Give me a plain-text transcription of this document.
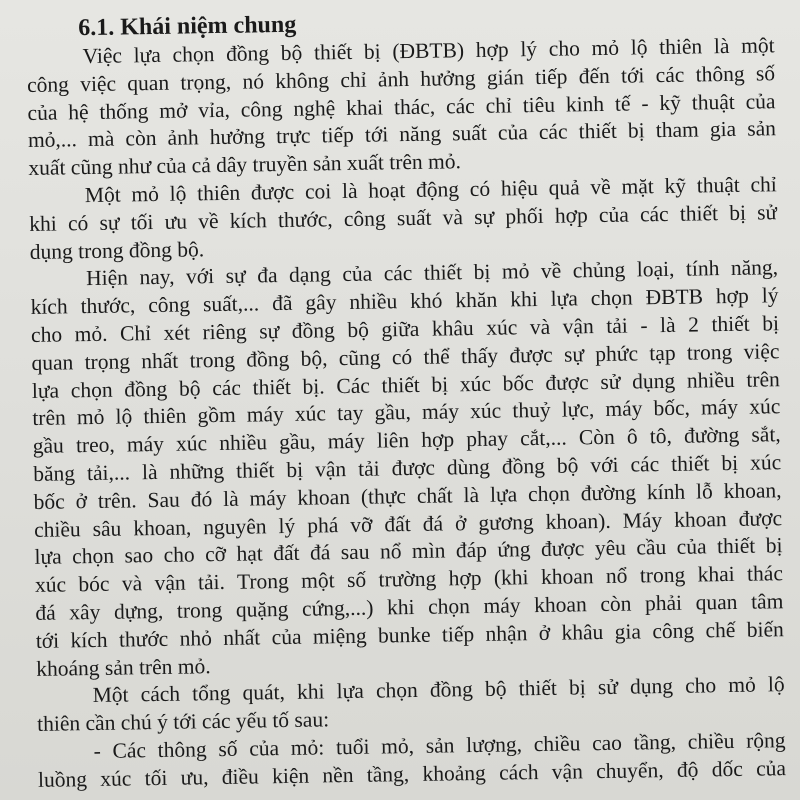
6.1. Khái niệm chung

Việc lựa chọn đồng bộ thiết bị (ĐBTB) hợp lý cho mỏ lộ thiên là một
công việc quan trọng, nó không chỉ ảnh hưởng gián tiếp đến tới các thông số
của hệ thống mở vỉa, công nghệ khai thác, các chỉ tiêu kinh tế - kỹ thuật của
mỏ,... mà còn ảnh hưởng trực tiếp tới năng suất của các thiết bị tham gia sản
xuất cũng như của cả dây truyền sản xuất trên mỏ.

Một mỏ lộ thiên được coi là hoạt động có hiệu quả về mặt kỹ thuật chỉ
khi có sự tối ưu về kích thước, công suất và sự phối hợp của các thiết bị sử
dụng trong đồng bộ.

Hiện nay, với sự đa dạng của các thiết bị mỏ về chủng loại, tính năng,
kích thước, công suất,... đã gây nhiều khó khăn khi lựa chọn ĐBTB hợp lý
cho mỏ. Chỉ xét riêng sự đồng bộ giữa khâu xúc và vận tải - là 2 thiết bị
quan trọng nhất trong đồng bộ, cũng có thể thấy được sự phức tạp trong việc
lựa chọn đồng bộ các thiết bị. Các thiết bị xúc bốc được sử dụng nhiều trên
trên mỏ lộ thiên gồm máy xúc tay gầu, máy xúc thuỷ lực, máy bốc, máy xúc
gầu treo, máy xúc nhiều gầu, máy liên hợp phay cắt,... Còn ô tô, đường sắt,
băng tải,... là những thiết bị vận tải được dùng đồng bộ với các thiết bị xúc
bốc ở trên. Sau đó là máy khoan (thực chất là lựa chọn đường kính lỗ khoan,
chiều sâu khoan, nguyên lý phá vỡ đất đá ở gương khoan). Máy khoan được
lựa chọn sao cho cỡ hạt đất đá sau nổ mìn đáp ứng được yêu cầu của thiết bị
xúc bóc và vận tải. Trong một số trường hợp (khi khoan nổ trong khai thác
đá xây dựng, trong quặng cứng,...) khi chọn máy khoan còn phải quan tâm
tới kích thước nhỏ nhất của miệng bunke tiếp nhận ở khâu gia công chế biến
khoáng sản trên mỏ.

Một cách tổng quát, khi lựa chọn đồng bộ thiết bị sử dụng cho mỏ lộ
thiên cần chú ý tới các yếu tố sau:

- Các thông số của mỏ: tuổi mỏ, sản lượng, chiều cao tầng, chiều rộng
luồng xúc tối ưu, điều kiện nền tầng, khoảng cách vận chuyển, độ dốc của
